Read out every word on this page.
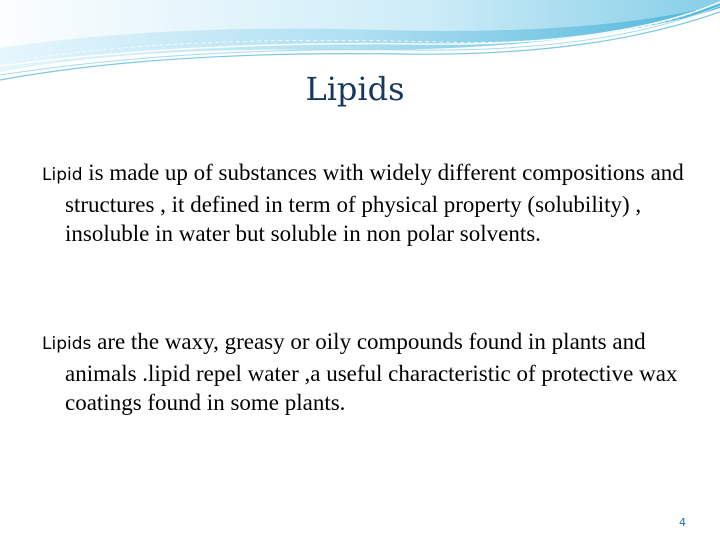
Lipids

Lipid is made up of substances with widely different compositions and structures , it defined in term of physical property (solubility) , insoluble in water but soluble in non polar solvents.

Lipids are the waxy, greasy or oily compounds found in plants and animals .lipid repel water ,a useful characteristic of protective wax coatings found in some plants.

4
